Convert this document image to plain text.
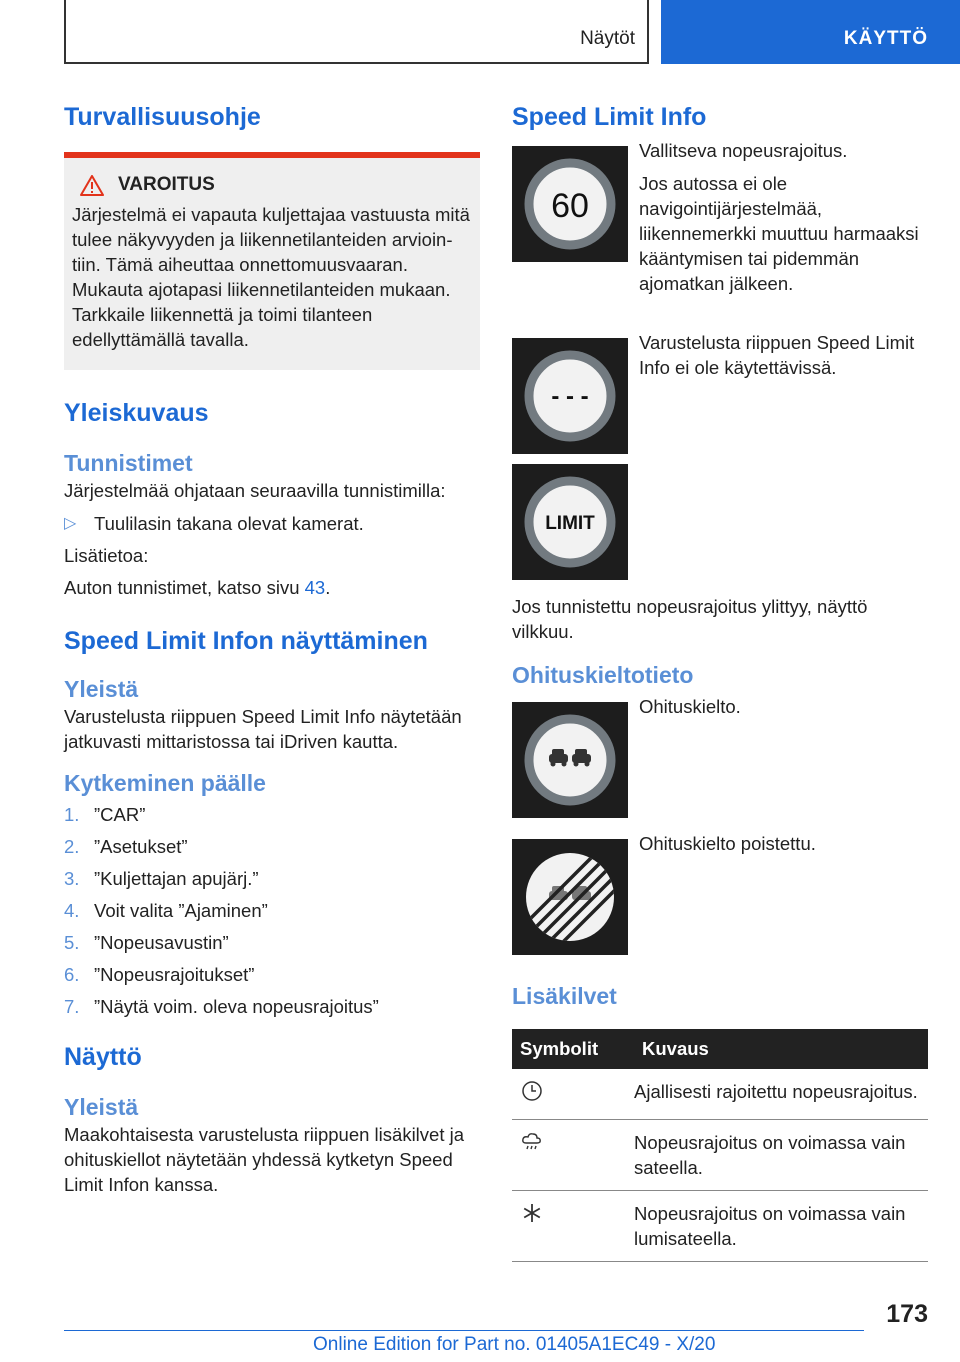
Näytöt	KÄYTTÖ
Turvallisuusohje
VAROITUS

Järjestelmä ei vapauta kuljettajaa vastuusta mitä tulee näkyvyyden ja liikennetilanteiden arviointiin. Tämä aiheuttaa onnettomuusvaaran. Mukauta ajotapasi liikennetilanteiden mukaan. Tarkkaile liikennettä ja toimi tilanteen edellyttämällä tavalla.

Yleiskuvaus
Tunnistimet

Järjestelmää ohjataan seuraavilla tunnistimilla:

▷ Tuulilasin takana olevat kamerat.

Lisätietoa:

Auton tunnistimet, katso sivu 43.

Speed Limit Infon näyttäminen
Yleistä

Varustelusta riippuen Speed Limit Info näytetään jatkuvasti mittaristossa tai iDriven kautta.

Kytkeminen päälle
1. ”CAR”
2. ”Asetukset”
3. ”Kuljettajan apujärj.”
4. Voit valita ”Ajaminen”
5. ”Nopeusavustin”
6. ”Nopeusrajoitukset”
7. ”Näytä voim. oleva nopeusrajoitus”
Näyttö
Yleistä

Maakohtaisesta varustelusta riippuen lisäkilvet ja ohituskiellot näytetään yhdessä kytketyn Speed Limit Infon kanssa.

Speed Limit Info
60

Vallitseva nopeusrajoitus.

Jos autossa ei ole navigointijärjestelmää, liikennemerkki muuttuu harmaaksi kääntymisen tai pidemmän ajomatkan jälkeen.

- - -

Varustelusta riippuen Speed Limit Info ei ole käytettävissä.

LIMIT

Jos tunnistettu nopeusrajoitus ylittyy, näyttö vilkkuu.

Ohituskieltotieto

Ohituskielto.

Ohituskielto poistettu.

Lisäkilvet
Symbolit	Kuvaus
	Ajallisesti rajoitettu nopeusrajoitus.
	Nopeusrajoitus on voimassa vain sateella.
	Nopeusrajoitus on voimassa vain lumisateella.
173
Online Edition for Part no. 01405A1EC49 - X/20
